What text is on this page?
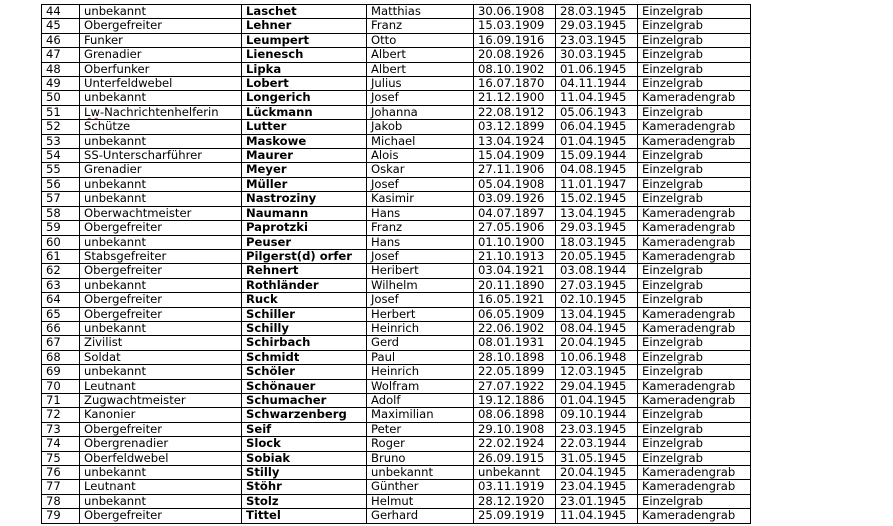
44	unbekannt	Laschet	Matthias	30.06.1908	28.03.1945	Einzelgrab
45	Obergefreiter	Lehner	Franz	15.03.1909	29.03.1945	Einzelgrab
46	Funker	Leumpert	Otto	16.09.1916	23.03.1945	Einzelgrab
47	Grenadier	Lienesch	Albert	20.08.1926	30.03.1945	Einzelgrab
48	Oberfunker	Lipka	Albert	08.10.1902	01.06.1945	Einzelgrab
49	Unterfeldwebel	Lobert	Julius	16.07.1870	04.11.1944	Einzelgrab
50	unbekannt	Longerich	Josef	21.12.1900	11.04.1945	Kameradengrab
51	Lw-Nachrichtenhelferin	Lückmann	Johanna	22.08.1912	05.06.1943	Einzelgrab
52	Schütze	Lutter	Jakob	03.12.1899	06.04.1945	Kameradengrab
53	unbekannt	Maskowe	Michael	13.04.1924	01.04.1945	Kameradengrab
54	SS-Unterscharführer	Maurer	Alois	15.04.1909	15.09.1944	Einzelgrab
55	Grenadier	Meyer	Oskar	27.11.1906	04.08.1945	Einzelgrab
56	unbekannt	Müller	Josef	05.04.1908	11.01.1947	Einzelgrab
57	unbekannt	Nastroziny	Kasimir	03.09.1926	15.02.1945	Einzelgrab
58	Oberwachtmeister	Naumann	Hans	04.07.1897	13.04.1945	Kameradengrab
59	Obergefreiter	Paprotzki	Franz	27.05.1906	29.03.1945	Kameradengrab
60	unbekannt	Peuser	Hans	01.10.1900	18.03.1945	Kameradengrab
61	Stabsgefreiter	Pilgerst(d) orfer	Josef	21.10.1913	20.05.1945	Kameradengrab
62	Obergefreiter	Rehnert	Heribert	03.04.1921	03.08.1944	Einzelgrab
63	unbekannt	Rothländer	Wilhelm	20.11.1890	27.03.1945	Einzelgrab
64	Obergefreiter	Ruck	Josef	16.05.1921	02.10.1945	Einzelgrab
65	Obergefreiter	Schiller	Herbert	06.05.1909	13.04.1945	Kameradengrab
66	unbekannt	Schilly	Heinrich	22.06.1902	08.04.1945	Kameradengrab
67	Zivilist	Schirbach	Gerd	08.01.1931	20.04.1945	Einzelgrab
68	Soldat	Schmidt	Paul	28.10.1898	10.06.1948	Einzelgrab
69	unbekannt	Schöler	Heinrich	22.05.1899	12.03.1945	Einzelgrab
70	Leutnant	Schönauer	Wolfram	27.07.1922	29.04.1945	Kameradengrab
71	Zugwachtmeister	Schumacher	Adolf	19.12.1886	01.04.1945	Kameradengrab
72	Kanonier	Schwarzenberg	Maximilian	08.06.1898	09.10.1944	Einzelgrab
73	Obergefreiter	Seif	Peter	29.10.1908	23.03.1945	Einzelgrab
74	Obergrenadier	Slock	Roger	22.02.1924	22.03.1944	Einzelgrab
75	Oberfeldwebel	Sobiak	Bruno	26.09.1915	31.05.1945	Einzelgrab
76	unbekannt	Stilly	unbekannt	unbekannt	20.04.1945	Kameradengrab
77	Leutnant	Stöhr	Günther	03.11.1919	23.04.1945	Kameradengrab
78	unbekannt	Stolz	Helmut	28.12.1920	23.01.1945	Einzelgrab
79	Obergefreiter	Tittel	Gerhard	25.09.1919	11.04.1945	Kameradengrab
